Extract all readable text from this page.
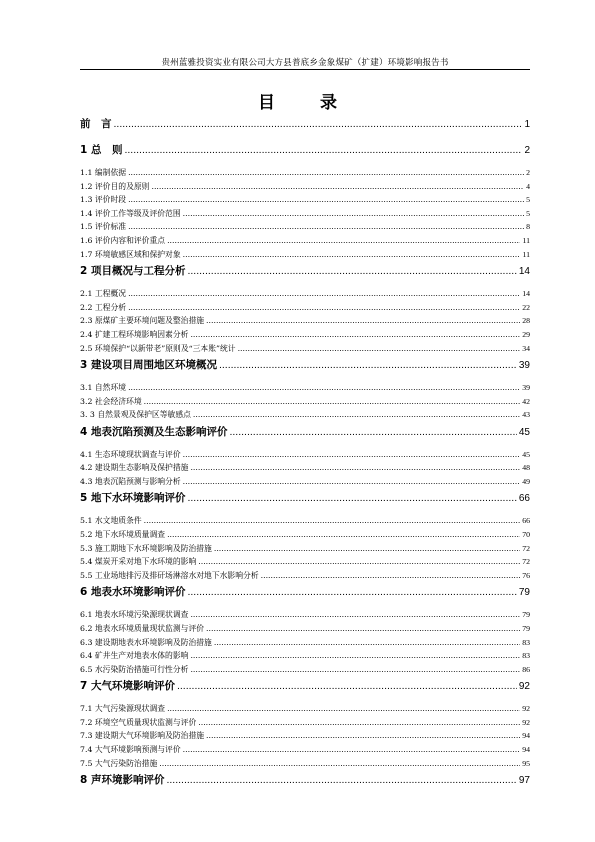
贵州蓝雅投资实业有限公司大方县普底乡金象煤矿（扩建）环境影响报告书
目　录
前　言 .....	1
1 总　则 .....	2
1.1 编制依据 .....	2
1.2 评价目的及原则 .....	4
1.3 评价时段 .....	5
1.4 评价工作等级及评价范围 .....	5
1.5 评价标准 .....	8
1.6 评价内容和评价重点 .....	11
1.7 环境敏感区域和保护对象 .....	11
2 项目概况与工程分析 .....	14
2.1 工程概况 .....	14
2.2 工程分析 .....	22
2.3 原煤矿主要环境问题及整治措施 .....	28
2.4 扩建工程环境影响因素分析 .....	29
2.5 环境保护“以新带老”原则及“三本账”统计 .....	34
3 建设项目周围地区环境概况 .....	39
3.1 自然环境 .....	39
3.2 社会经济环境 .....	42
3. 3 自然景观及保护区等敏感点 .....	43
4 地表沉陷预测及生态影响评价 .....	45
4.1 生态环境现状调查与评价 .....	45
4.2 建设期生态影响及保护措施 .....	48
4.3 地表沉陷预测与影响分析 .....	49
5 地下水环境影响评价 .....	66
5.1 水文地质条件 .....	66
5.2 地下水环境质量调查 .....	70
5.3 施工期地下水环境影响及防治措施 .....	72
5.4 煤炭开采对地下水环境的影响 .....	72
5.5 工业场地排污及排矸场淋溶水对地下水影响分析 .....	76
6 地表水环境影响评价 .....	79
6.1 地表水环境污染源现状调查 .....	79
6.2 地表水环境质量现状监测与评价 .....	79
6.3 建设期地表水环境影响及防治措施 .....	83
6.4 矿井生产对地表水体的影响 .....	83
6.5 水污染防治措施可行性分析 .....	86
7 大气环境影响评价 .....	92
7.1 大气污染源现状调查 .....	92
7.2 环境空气质量现状监测与评价 .....	92
7.3 建设期大气环境影响及防治措施 .....	94
7.4 大气环境影响预测与评价 .....	94
7.5 大气污染防治措施 .....	95
8 声环境影响评价 .....	97
